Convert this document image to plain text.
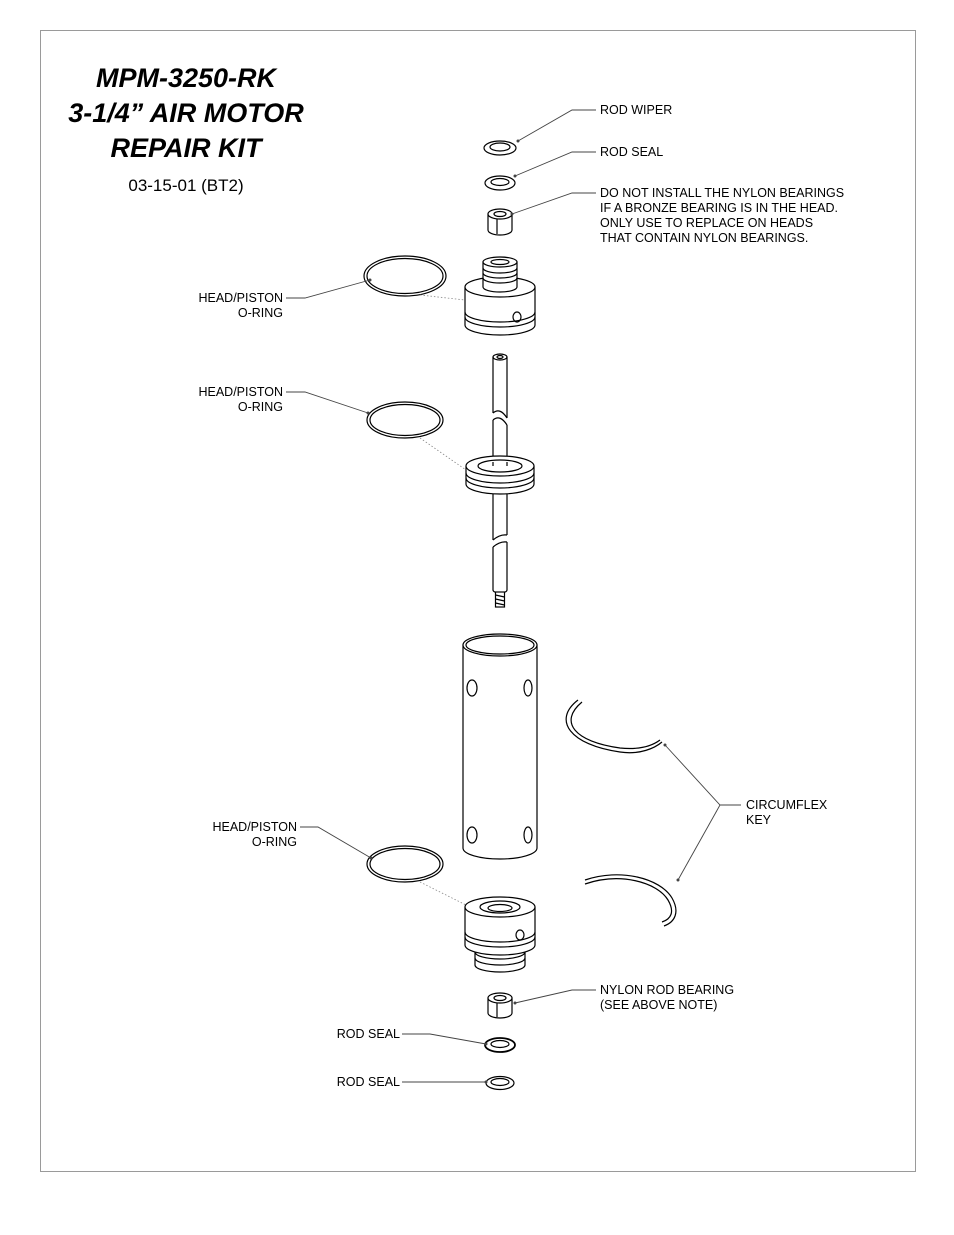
MPM-3250-RK
3-1/4” AIR MOTOR
REPAIR KIT
03-15-01 (BT2)
ROD WIPER
ROD SEAL
DO NOT INSTALL THE NYLON BEARINGS
IF A BRONZE BEARING IS IN THE HEAD.
ONLY USE TO REPLACE ON HEADS
THAT CONTAIN NYLON BEARINGS.
HEAD/PISTON
O-RING
HEAD/PISTON
O-RING
HEAD/PISTON
O-RING
CIRCUMFLEX
KEY
NYLON ROD BEARING
(SEE ABOVE NOTE)
ROD SEAL
ROD SEAL
